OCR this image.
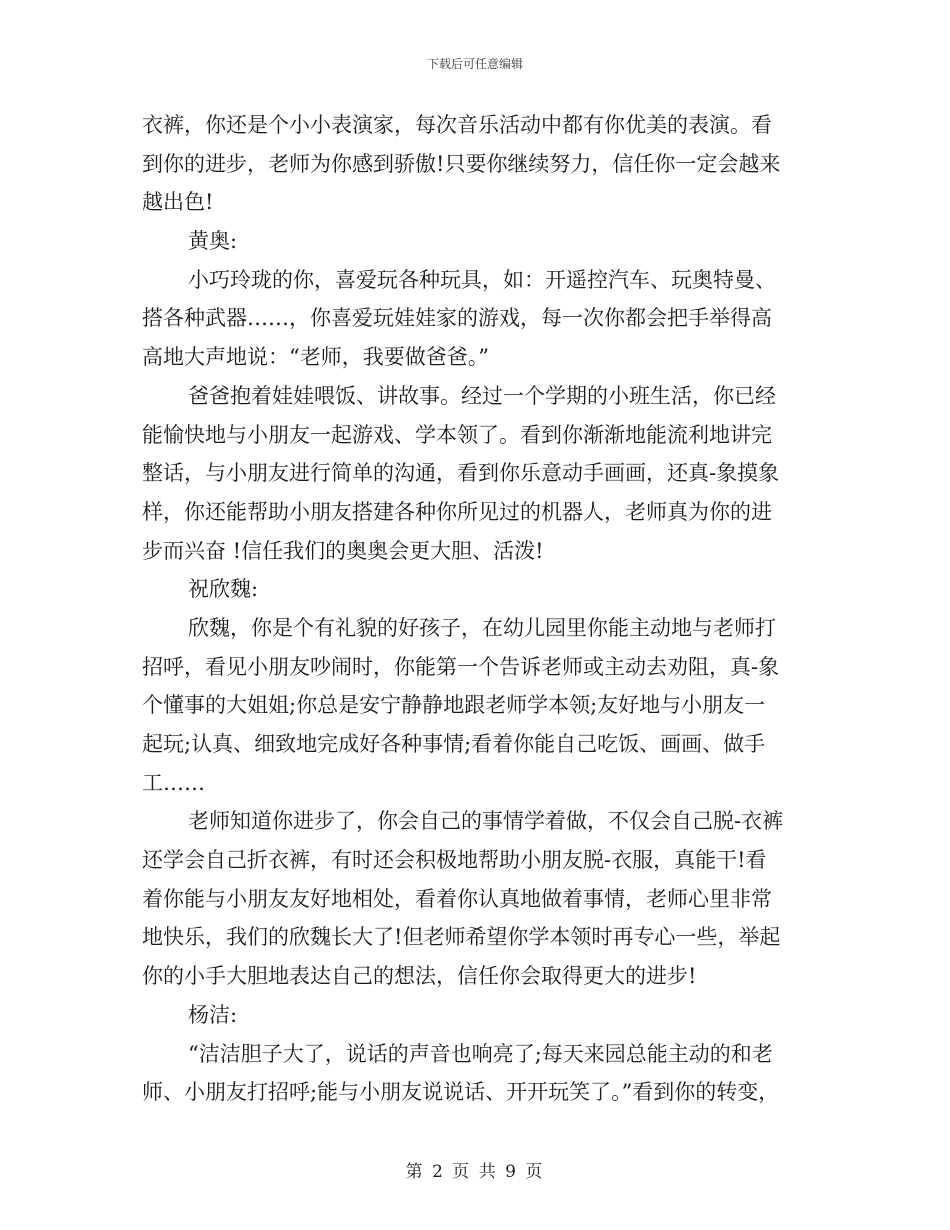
下载后可任意编辑
衣裤，你还是个小小表演家，每次音乐活动中都有你优美的表演。看
到你的进步，老师为你感到骄傲!只要你继续努力，信任你一定会越来
越出色!
黄奥:
小巧玲珑的你，喜爱玩各种玩具，如：开遥控汽车、玩奥特曼、
搭各种武器……，你喜爱玩娃娃家的游戏，每一次你都会把手举得高
高地大声地说：“老师，我要做爸爸。”
爸爸抱着娃娃喂饭、讲故事。经过一个学期的小班生活，你已经
能愉快地与小朋友一起游戏、学本领了。看到你渐渐地能流利地讲完
整话，与小朋友进行简单的沟通，看到你乐意动手画画，还真-象摸象
样，你还能帮助小朋友搭建各种你所见过的机器人，老师真为你的进
步而兴奋 !信任我们的奥奥会更大胆、活泼!
祝欣魏:
欣魏，你是个有礼貌的好孩子，在幼儿园里你能主动地与老师打
招呼，看见小朋友吵闹时，你能第一个告诉老师或主动去劝阻，真-象
个懂事的大姐姐;你总是安宁静静地跟老师学本领;友好地与小朋友一
起玩;认真、细致地完成好各种事情;看着你能自己吃饭、画画、做手
工……
老师知道你进步了，你会自己的事情学着做，不仅会自己脱-衣裤
还学会自己折衣裤，有时还会积极地帮助小朋友脱-衣服，真能干!看
着你能与小朋友友好地相处，看着你认真地做着事情，老师心里非常
地快乐，我们的欣魏长大了!但老师希望你学本领时再专心一些，举起
你的小手大胆地表达自己的想法，信任你会取得更大的进步!
杨洁:
“洁洁胆子大了，说话的声音也响亮了;每天来园总能主动的和老
师、小朋友打招呼;能与小朋友说说话、开开玩笑了。”看到你的转变，
第 2 页 共 9 页
